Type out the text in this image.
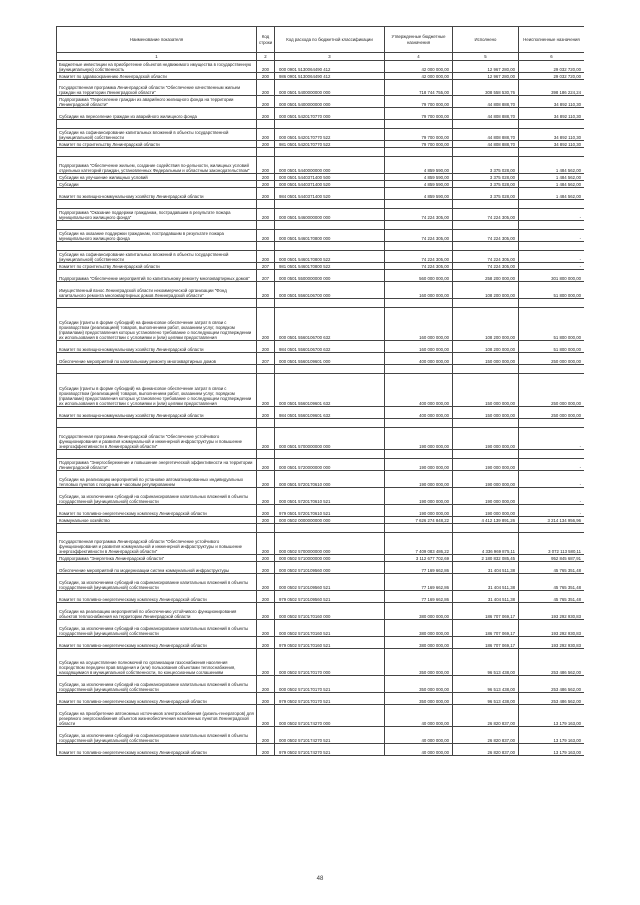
Наименование показателя	Код строки	Код расхода по бюджетной классификации	Утвержденные бюджетные назначения	Исполнено	Неисполненные назначения
1	2	3	4	5	6
Бюджетные инвестиции на приобретение объектов недвижимого имущества в государственную (муниципальную) собственность	200	000 0901 5130064490 412	42 000 000,00	12 967 280,00	29 032 720,00
Комитет по здравоохранению Ленинградской области	200	986 0901 5130064490 412	42 000 000,00	12 967 280,00	29 032 720,00
Государственная программа Ленинградской области "Обеспечение качественным жильем граждан на территории Ленинградской области"	200	000 0501 5400000000 000	718 744 755,00	308 558 530,76	398 186 224,24
Подпрограмма "Переселение граждан из аварийного жилищного фонда на территории Ленинградской области"	200	000 0501 5400000000 000	79 700 000,00	44 808 888,70	34 892 110,30
Субсидии на переселение граждан из аварийного жилищного фонда	200	000 0501 5420170770 000	79 700 000,00	44 808 888,70	34 892 110,30

Субсидии на софинансирование капитальных вложений в объекты государственной (муниципальной) собственности	200	000 0501 5420170770 522	79 700 000,00	44 808 888,70	34 892 110,30
Комитет по строительству Ленинградской области	200	981 0501 5420170770 522	79 700 000,00	44 808 888,70	34 892 110,30

Подпрограмма "Обеспечение жильем, создание содействия по-дельности, жилищных условий отдельных категорий граждан, установленных Федеральным и областным законодательством"	200	000 0501 5440000000 000	4 859 590,00	3 375 028,00	1 484 562,00
Субсидии на улучшение жилищных условий	200	000 0501 5440371400 500	4 859 590,00	3 375 028,00	1 484 562,00
Субсидии	200	000 0501 5440371400 520	4 859 590,00	3 375 028,00	1 484 562,00
Комитет по жилищно-коммунальному хозяйству Ленинградской области	200	984 0501 5440371400 520	4 859 590,00	3 375 028,00	1 484 562,00

Подпрограмма "Оказание поддержки гражданам, пострадавшим в результате пожара муниципального жилищного фонда"	200	000 0501 5460000000 000	74 224 305,00	74 224 305,00	-

Субсидии на оказание поддержки гражданам, пострадавшим в результате пожара муниципального жилищного фонда	200	000 0501 5460170800 000	74 224 305,00	74 224 305,00	-

Субсидии на софинансирование капитальных вложений в объекты государственной (муниципальной) собственности	200	000 0501 5460170800 522	74 224 305,00	74 224 305,00	-
Комитет по строительству Ленинградской области	207	981 0501 5460170800 522	74 224 305,00	74 224 305,00	-
Подпрограмма "Обеспечение мероприятий по капитальному ремонту многоквартирных домов"	207	000 0501 5500000000 000	560 000 000,00	258 200 000,00	301 800 000,00
Имущественный взнос Ленинградской области некоммерческой организации "Фонд капитального ремонта многоквартирных домов Ленинградской области"	200	000 0501 5560106700 000	160 000 000,00	108 200 000,00	51 800 000,00

Субсидии (гранты в форме субсидий) на финансовое обеспечение затрат в связи с производством (реализацией) товаров, выполнением работ, оказанием услуг, порядком (правилами) предоставления которых установлено требование о последующем подтверждении их использования в соответствии с условиями и (или) целями предоставления	200	000 0501 5560106700 632	160 000 000,00	108 200 000,00	51 800 000,00
Комитет по жилищно-коммунальному хозяйству Ленинградской области	200	984 0501 5560106700 632	160 000 000,00	108 200 000,00	51 800 000,00
Обеспечение мероприятий по капитальному ремонту многоквартирных домов	207	000 0501 5560109601 000	400 000 000,00	150 000 000,00	250 000 000,00

Субсидии (гранты в форме субсидий) на финансовое обеспечение затрат в связи с производством (реализацией) товаров, выполнением работ, оказанием услуг, порядком (правилами) предоставления которых установлено требование о последующем подтверждении их использования в соответствии с условиями и (или) целями предоставления	200	000 0501 5560109601 632	400 000 000,00	150 000 000,00	250 000 000,00
Комитет по жилищно-коммунальному хозяйству Ленинградской области	200	984 0501 5560109601 632	400 000 000,00	150 000 000,00	250 000 000,00

Государственная программа Ленинградской области "Обеспечение устойчивого функционирования и развития коммунальной и инженерной инфраструктуры и повышение энергоэффективности в Ленинградской области"	200	000 0501 5700000000 000	190 000 000,00	190 000 000,00	-

Подпрограмма "Энергосбережение и повышение энергетической эффективности на территории Ленинградской области"	200	000 0501 5720000000 000	190 000 000,00	190 000 000,00	-
Субсидии на реализацию мероприятий по установке автоматизированных индивидуальных тепловых пунктов с погодным и часовым регулированием	200	000 0501 5720170610 000	190 000 000,00	190 000 000,00	-
Субсидии, за исключением субсидий на софинансирование капитальных вложений в объекты государственной (муниципальной) собственности	200	000 0501 5720170610 521	190 000 000,00	190 000 000,00	-
Комитет по топливно-энергетическому комплексу Ленинградской области	200	979 0501 5720170610 521	190 000 000,00	190 000 000,00	-
Коммунальное хозяйство	200	000 0502 0000000000 000	7 626 274 848,22	4 412 139 891,26	3 214 134 956,96

Государственная программа Ленинградской области "Обеспечение устойчивого функционирования и развития коммунальной и инженерной инфраструктуры и повышение энергоэффективности в Ленинградской области"	200	000 0502 5700000000 000	7 409 083 486,22	4 336 969 875,11	3 072 113 580,11
Подпрограмма "Энергетика Ленинградской области"	200	000 0502 5710000000 000	3 112 677 702,69	2 180 832 085,45	952 845 687,91
Обеспечение мероприятий по модернизации систем коммунальной инфраструктуры	200	000 0502 5710109560 000	77 169 662,86	31 404 511,38	45 765 351,48
Субсидии, за исключением субсидий на софинансирование капитальных вложений в объекты государственной (муниципальной) собственности	200	000 0502 5710109560 521	77 169 662,86	31 404 511,38	45 765 351,48
Комитет по топливно-энергетическому комплексу Ленинградской области	200	979 0502 5710109560 521	77 169 662,86	31 404 511,38	45 765 351,48
Субсидии на реализацию мероприятий по обеспечению устойчивого функционирования объектов теплоснабжения на территории Ленинградской области	200	000 0502 5710170160 000	380 000 000,00	186 707 069,17	193 292 930,83
Субсидии, за исключением субсидий на софинансирование капитальных вложений в объекты государственной (муниципальной) собственности	200	000 0502 5710170160 521	380 000 000,00	186 707 069,17	193 292 930,83
Комитет по топливно-энергетическому комплексу Ленинградской области	200	979 0502 5710170160 521	380 000 000,00	186 707 069,17	193 292 930,83
Субсидии на осуществление полномочий по организации газоснабжения населения посредством передачи прав владения и (или) пользования объектами теплоснабжения, находящимися в муниципальной собственности, по концессионным соглашениям	200	000 0502 5710170170 000	350 000 000,00	96 513 438,00	253 486 562,00
Субсидии, за исключением субсидий на софинансирование капитальных вложений в объекты государственной (муниципальной) собственности	200	000 0502 5710170170 521	350 000 000,00	96 513 438,00	253 486 562,00
Комитет по топливно-энергетическому комплексу Ленинградской области	200	979 0502 5710170170 521	350 000 000,00	96 513 438,00	253 486 562,00
Субсидии на приобретение автономных источников электроснабжения (дизель-генераторов) для резервного энергоснабжения объектов жизнеобеспечения населенных пунктов Ленинградской области	200	000 0502 5710174270 000	40 000 000,00	26 820 837,00	13 179 163,00
Субсидии, за исключением субсидий на софинансирование капитальных вложений в объекты государственной (муниципальной) собственности	200	000 0502 5710174270 521	40 000 000,00	26 820 837,00	13 179 163,00
Комитет по топливно-энергетическому комплексу Ленинградской области	200	979 0502 5710174270 521	40 000 000,00	26 820 837,00	13 179 163,00
48
